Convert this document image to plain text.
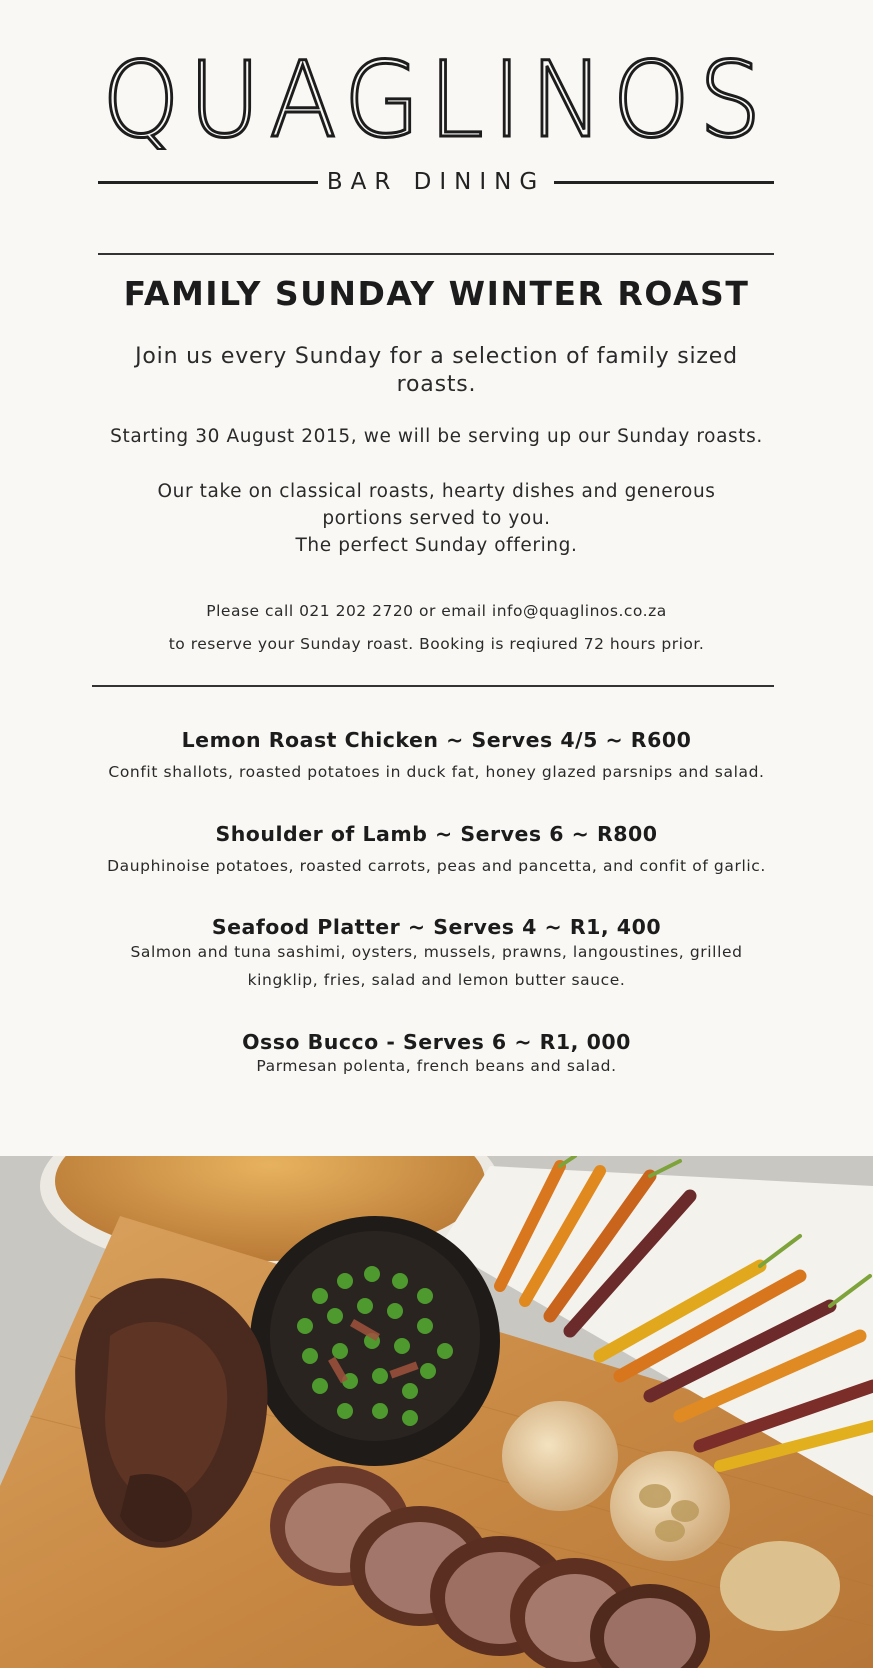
QUAGLINOS
BAR DINING
FAMILY SUNDAY WINTER ROAST
Join us every Sunday for a selection of family sized roasts.
Starting 30 August 2015, we will be serving up our Sunday roasts.
Our take on classical roasts, hearty dishes and generous portions served to you.
The perfect Sunday offering.
Please call 021 202 2720 or email info@quaglinos.co.za
to reserve your Sunday roast. Booking is reqiured 72 hours prior.
Lemon Roast Chicken ~ Serves 4/5 ~ R600
Confit shallots, roasted potatoes in duck fat, honey glazed parsnips and salad.
Shoulder of Lamb ~ Serves 6 ~ R800
Dauphinoise potatoes, roasted carrots, peas and pancetta, and confit of garlic.
Seafood Platter ~ Serves 4 ~ R1, 400
Salmon and tuna sashimi, oysters, mussels, prawns, langoustines, grilled kingklip, fries, salad and lemon butter sauce.
Osso Bucco - Serves 6 ~ R1, 000
Parmesan polenta, french beans and salad.
